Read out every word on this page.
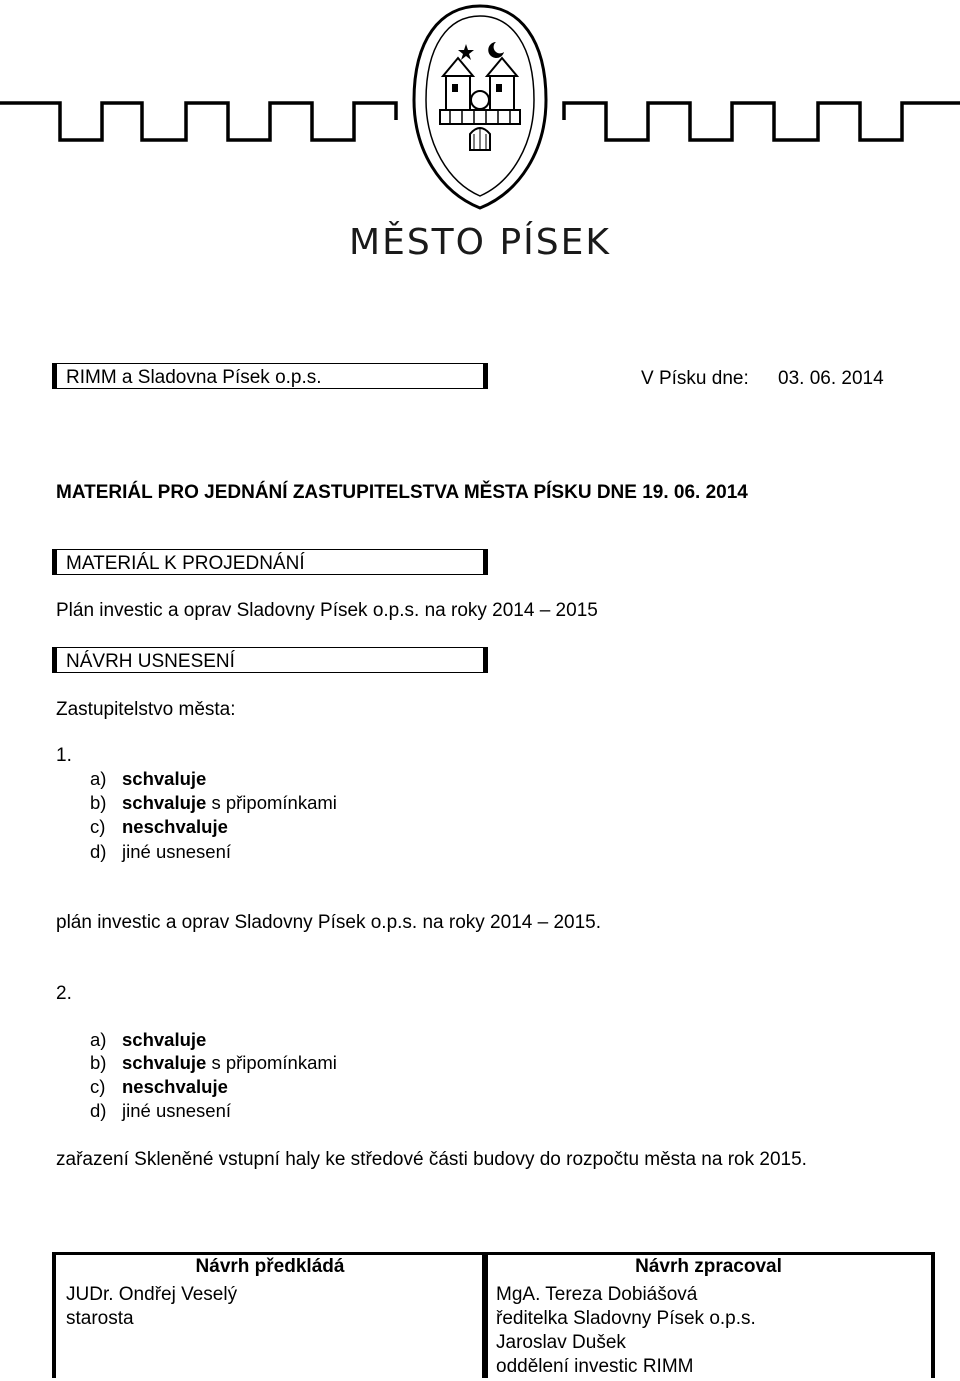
MĚSTO PÍSEK
RIMM a Sladovna Písek o.p.s.	V Písku dne: 03. 06. 2014
MATERIÁL PRO JEDNÁNÍ ZASTUPITELSTVA MĚSTA PÍSKU DNE 19. 06. 2014
MATERIÁL K PROJEDNÁNÍ
Plán investic a oprav Sladovny Písek o.p.s. na roky 2014 – 2015
NÁVRH USNESENÍ
Zastupitelstvo města:
1.
a) schvaluje
b) schvaluje s připomínkami
c) neschvaluje
d) jiné usnesení
plán investic a oprav Sladovny Písek o.p.s. na roky 2014 – 2015.
2.
a) schvaluje
b) schvaluje s připomínkami
c) neschvaluje
d) jiné usnesení
zařazení Skleněné vstupní haly ke středové části budovy do rozpočtu města na rok 2015.
Návrh předkládá
JUDr. Ondřej Veselý
starosta
Návrh zpracoval
MgA. Tereza Dobiášová
ředitelka Sladovny Písek o.p.s.
Jaroslav Dušek
oddělení investic RIMM
